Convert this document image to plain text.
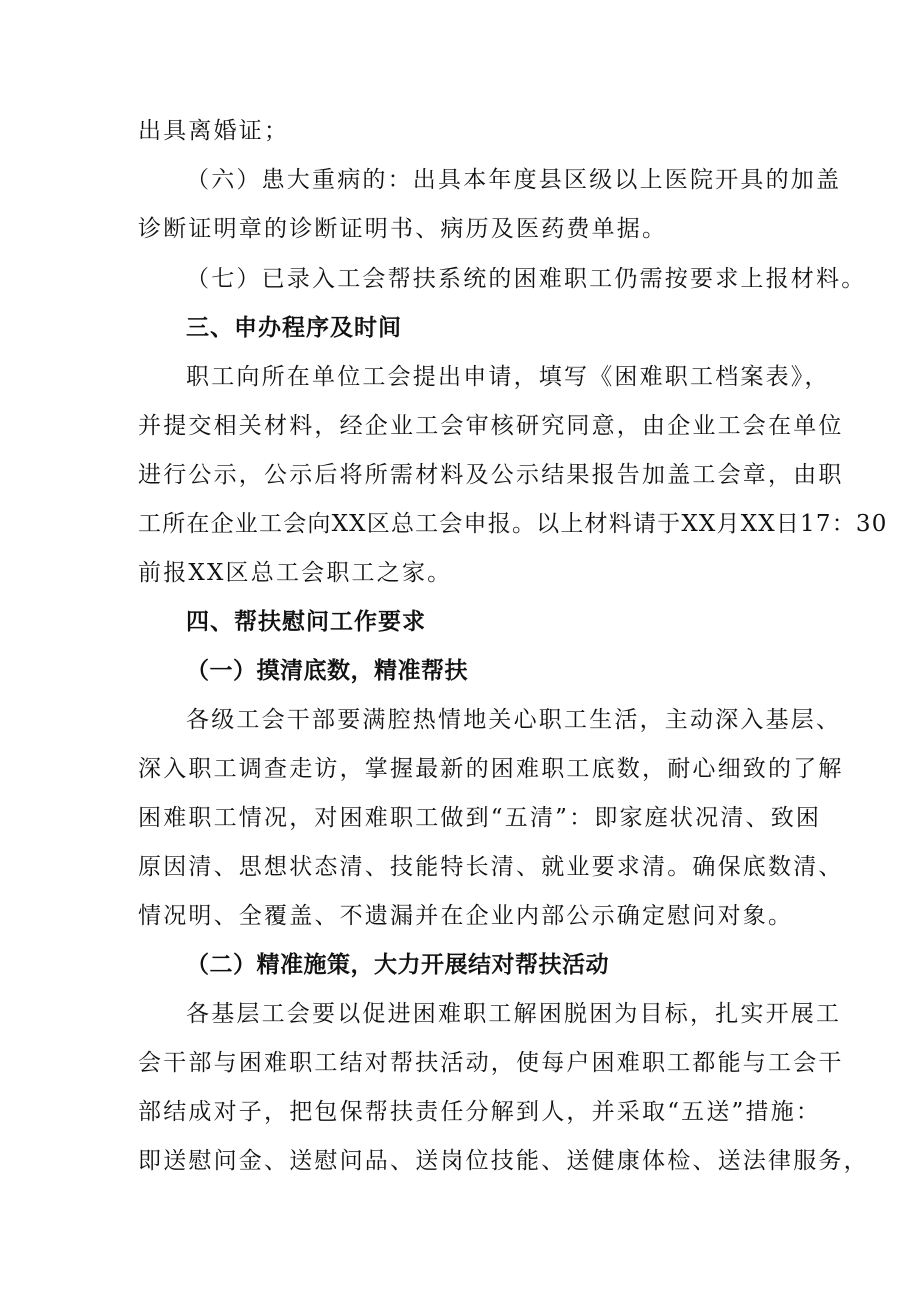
出具离婚证；
（六）患大重病的：出具本年度县区级以上医院开具的加盖
诊断证明章的诊断证明书、病历及医药费单据。
（七）已录入工会帮扶系统的困难职工仍需按要求上报材料。
三、申办程序及时间
职工向所在单位工会提出申请，填写《困难职工档案表》，
并提交相关材料，经企业工会审核研究同意，由企业工会在单位
进行公示，公示后将所需材料及公示结果报告加盖工会章，由职
工所在企业工会向XX区总工会申报。以上材料请于XX月XX日17：30
前报XX区总工会职工之家。
四、帮扶慰问工作要求
（一）摸清底数，精准帮扶
各级工会干部要满腔热情地关心职工生活，主动深入基层、
深入职工调查走访，掌握最新的困难职工底数，耐心细致的了解
困难职工情况，对困难职工做到“五清”：即家庭状况清、致困
原因清、思想状态清、技能特长清、就业要求清。确保底数清、
情况明、全覆盖、不遗漏并在企业内部公示确定慰问对象。
（二）精准施策，大力开展结对帮扶活动
各基层工会要以促进困难职工解困脱困为目标，扎实开展工
会干部与困难职工结对帮扶活动，使每户困难职工都能与工会干
部结成对子，把包保帮扶责任分解到人，并采取“五送”措施：
即送慰问金、送慰问品、送岗位技能、送健康体检、送法律服务，
